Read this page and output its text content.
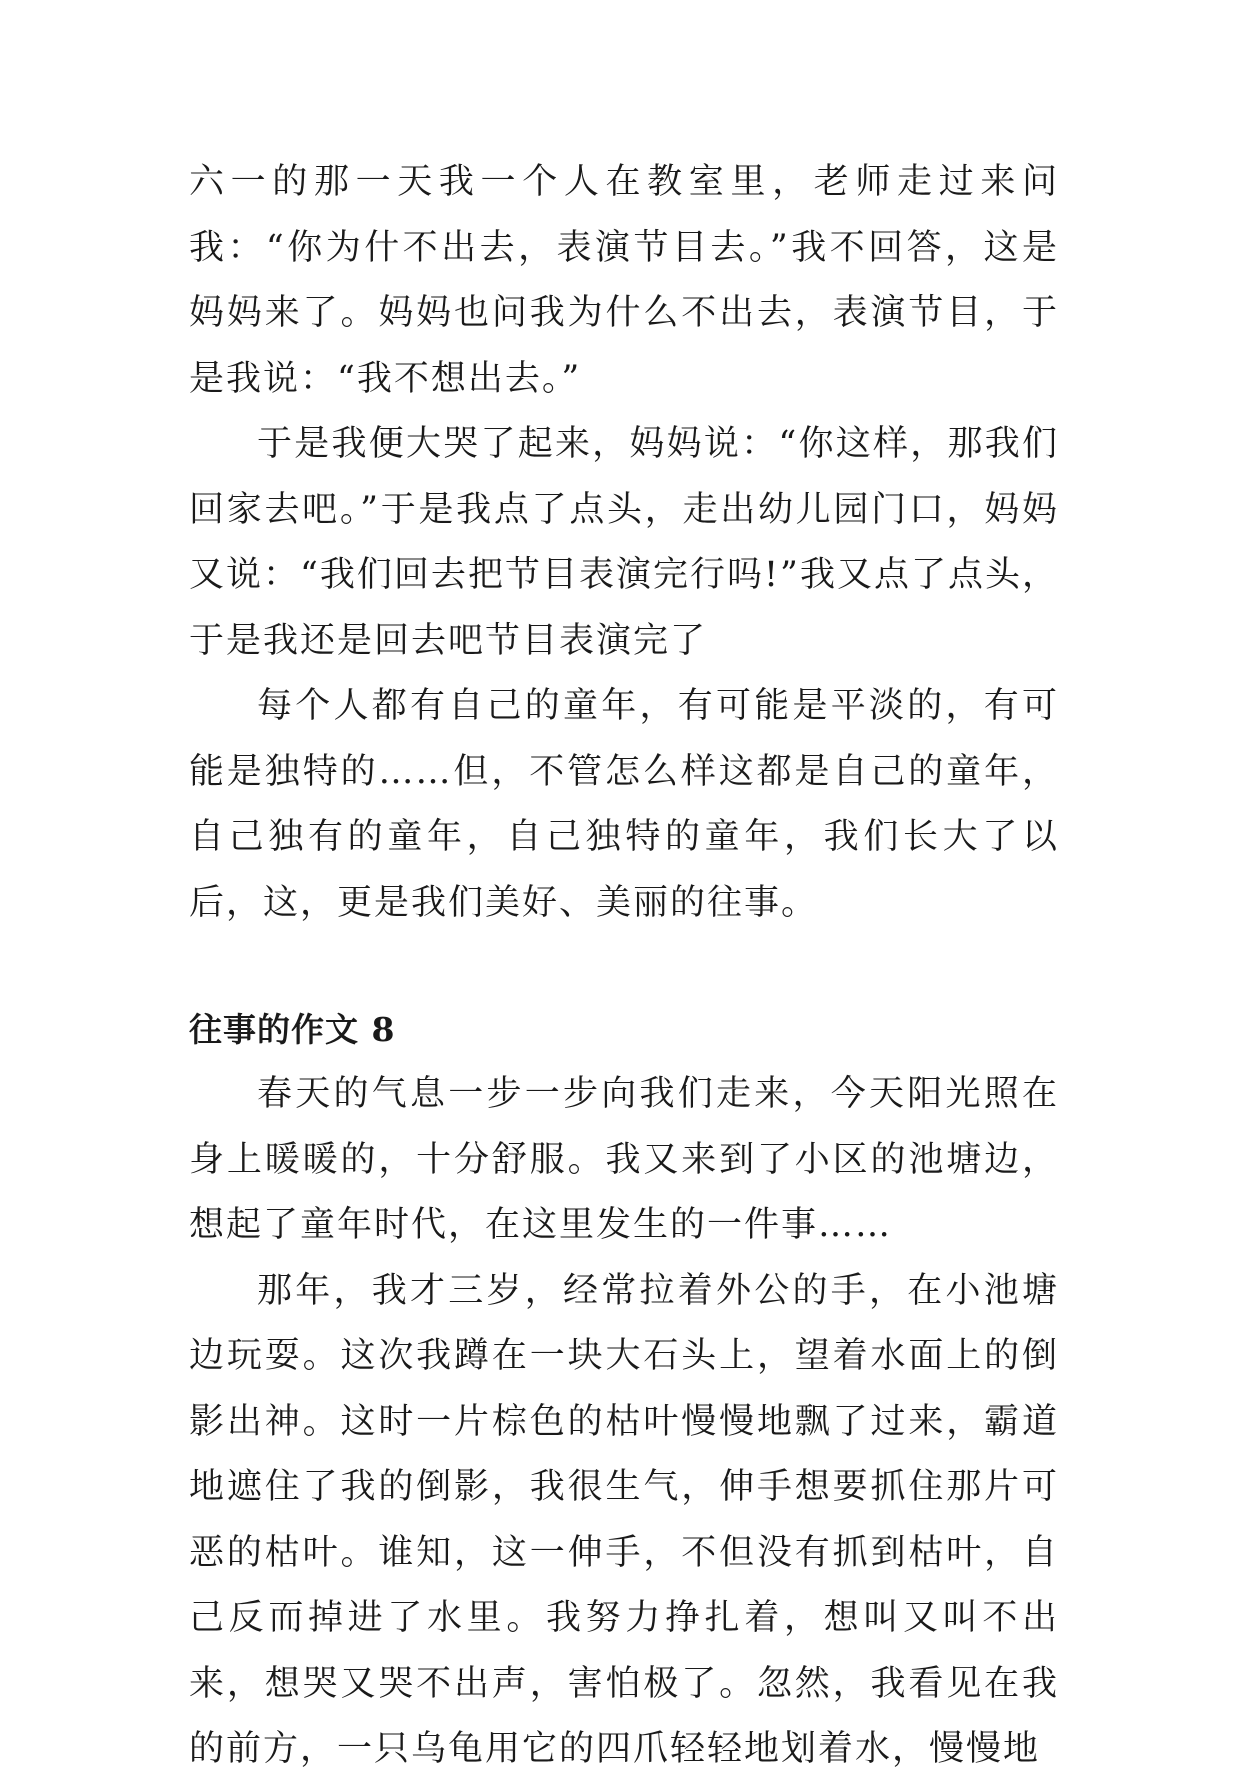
六一的那一天我一个人在教室里，老师走过来问我：“你为什不出去，表演节目去。”我不回答，这是妈妈来了。妈妈也问我为什么不出去，表演节目，于是我说：“我不想出去。”

于是我便大哭了起来，妈妈说：“你这样，那我们回家去吧。”于是我点了点头，走出幼儿园门口，妈妈又说：“我们回去把节目表演完行吗!”我又点了点头，于是我还是回去吧节目表演完了

每个人都有自己的童年，有可能是平淡的，有可能是独特的……但，不管怎么样这都是自己的童年，自己独有的童年，自己独特的童年，我们长大了以后，这，更是我们美好、美丽的往事。

往事的作文 8

春天的气息一步一步向我们走来，今天阳光照在身上暖暖的，十分舒服。我又来到了小区的池塘边，想起了童年时代，在这里发生的一件事……

那年，我才三岁，经常拉着外公的手，在小池塘边玩耍。这次我蹲在一块大石头上，望着水面上的倒影出神。这时一片棕色的枯叶慢慢地飘了过来，霸道地遮住了我的倒影，我很生气，伸手想要抓住那片可恶的枯叶。谁知，这一伸手，不但没有抓到枯叶，自己反而掉进了水里。我努力挣扎着，想叫又叫不出来，想哭又哭不出声，害怕极了。忽然，我看见在我的前方，一只乌龟用它的四爪轻轻地划着水，慢慢地
